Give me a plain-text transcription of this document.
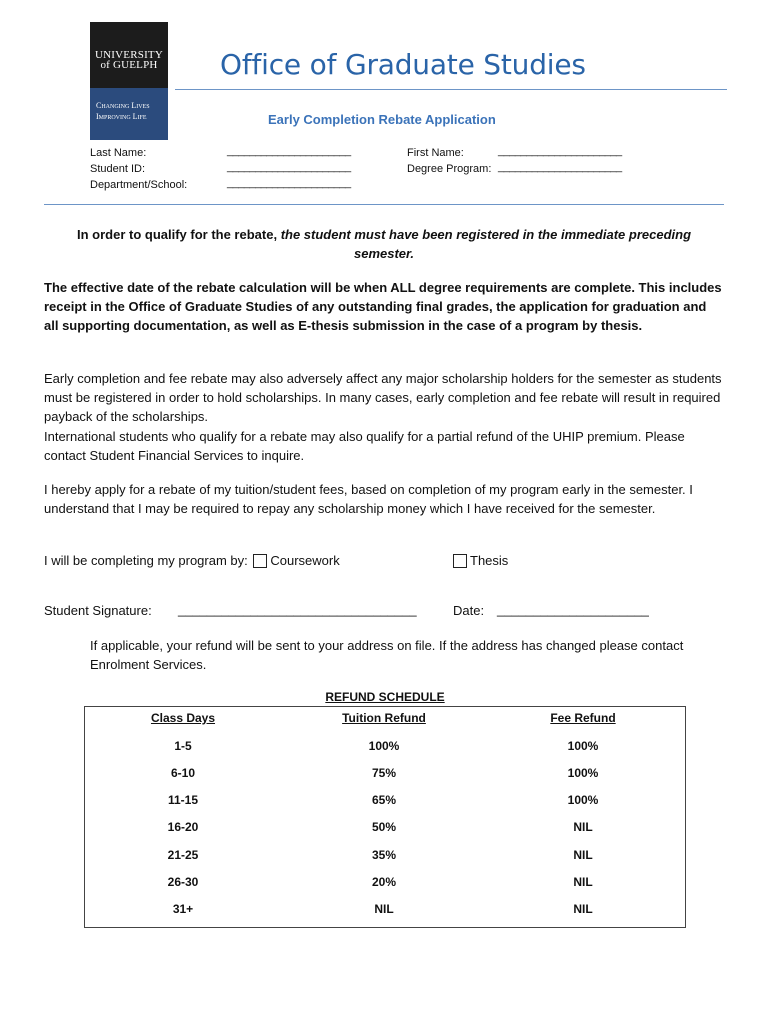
UNIVERSITY
of GUELPH
Changing Lives
Improving Life
Office of Graduate Studies
Early Completion Rebate Application
Last Name:	______________________
Student ID:	______________________
Department/School:	______________________
First Name:	______________________
Degree Program: ______________________
In order to qualify for the rebate, the student must have been registered in the immediate preceding semester.
The effective date of the rebate calculation will be when ALL degree requirements are complete. This includes receipt in the Office of Graduate Studies of any outstanding final grades, the application for graduation and all supporting documentation, as well as E-thesis submission in the case of a program by thesis.
Early completion and fee rebate may also adversely affect any major scholarship holders for the semester as students must be registered in order to hold scholarships. In many cases, early completion and fee rebate will result in required payback of the scholarships.
International students who qualify for a rebate may also qualify for a partial refund of the UHIP premium. Please contact Student Financial Services to inquire.
I hereby apply for a rebate of my tuition/student fees, based on completion of my program early in the semester. I understand that I may be required to repay any scholarship money which I have received for the semester.
I will be completing my program by: Coursework	Thesis
Student Signature:	_________________________________	Date: _____________________
If applicable, your refund will be sent to your address on file. If the address has changed please contact Enrolment Services.
REFUND SCHEDULE
Class Days	Tuition Refund	Fee Refund
1-5	100%	100%
6-10	75%	100%
11-15	65%	100%
16-20	50%	NIL
21-25	35%	NIL
26-30	20%	NIL
31+	NIL	NIL
